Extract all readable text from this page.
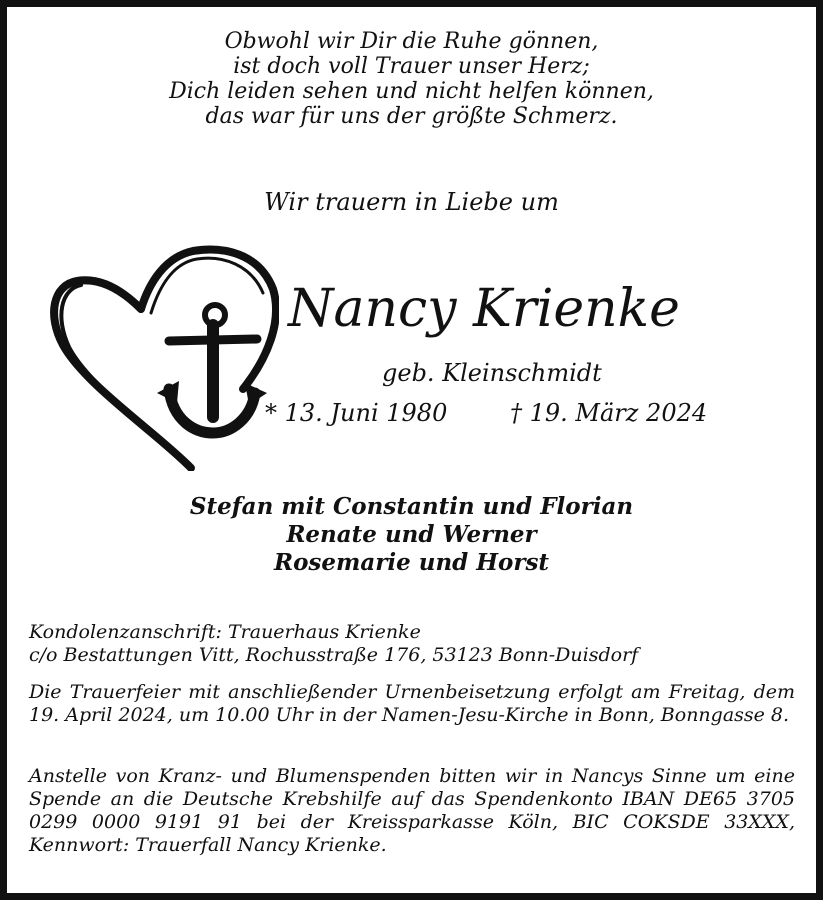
Obwohl wir Dir die Ruhe gönnen,
ist doch voll Trauer unser Herz;
Dich leiden sehen und nicht helfen können,
das war für uns der größte Schmerz.
Wir trauern in Liebe um
Nancy Krienke
geb. Kleinschmidt
* 13. Juni 1980	† 19. März 2024
Stefan mit Constantin und Florian
Renate und Werner
Rosemarie und Horst
Kondolenzanschrift: Trauerhaus Krienke
c/o Bestattungen Vitt, Rochusstraße 176, 53123 Bonn-Duisdorf

Die Trauerfeier mit anschließender Urnenbeisetzung erfolgt am Freitag, dem 19. April 2024, um 10.00 Uhr in der Namen-Jesu-Kirche in Bonn, Bonngasse 8.

Anstelle von Kranz- und Blumenspenden bitten wir in Nancys Sinne um eine Spende an die Deutsche Krebshilfe auf das Spendenkonto IBAN DE65 3705 0299 0000 9191 91 bei der Kreissparkasse Köln, BIC COKSDE 33XXX, Kennwort: Trauerfall Nancy Krienke.
